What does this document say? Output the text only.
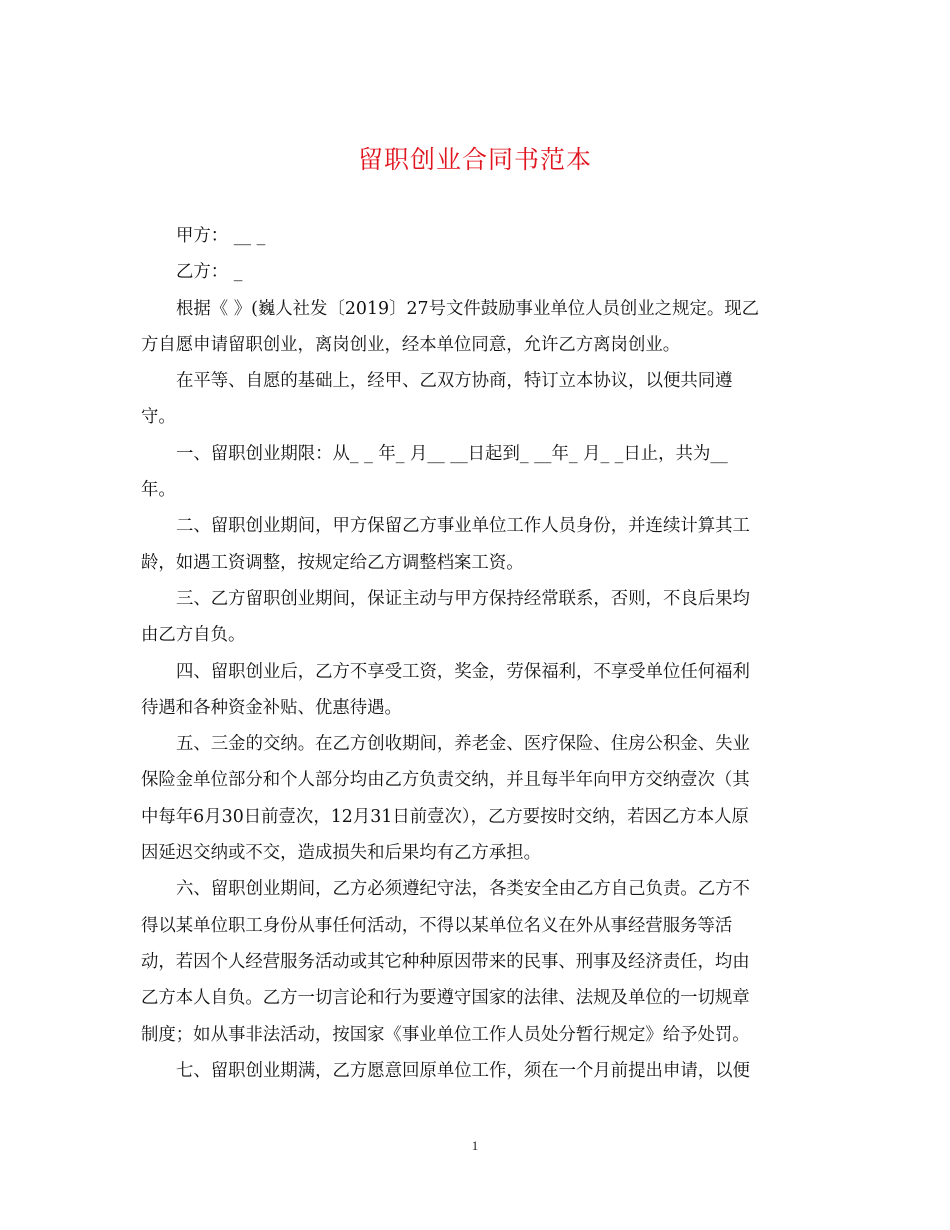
留职创业合同书范本

甲方： __ _

乙方： _

根据《 》(巍人社发〔2019〕27号文件鼓励事业单位人员创业之规定。现乙
方自愿申请留职创业，离岗创业，经本单位同意，允许乙方离岗创业。

在平等、自愿的基础上，经甲、乙双方协商，特订立本协议，以便共同遵
守。

一、留职创业期限：从_ _ 年_ 月__ __日起到_ __年_ 月_ _日止，共为__
年。

二、留职创业期间，甲方保留乙方事业单位工作人员身份，并连续计算其工
龄，如遇工资调整，按规定给乙方调整档案工资。

三、乙方留职创业期间，保证主动与甲方保持经常联系，否则，不良后果均
由乙方自负。

四、留职创业后，乙方不享受工资，奖金，劳保福利，不享受单位任何福利
待遇和各种资金补贴、优惠待遇。

五、三金的交纳。在乙方创收期间，养老金、医疗保险、住房公积金、失业
保险金单位部分和个人部分均由乙方负责交纳，并且每半年向甲方交纳壹次（其
中每年6月30日前壹次，12月31日前壹次），乙方要按时交纳，若因乙方本人原
因延迟交纳或不交，造成损失和后果均有乙方承担。

六、留职创业期间，乙方必须遵纪守法，各类安全由乙方自己负责。乙方不
得以某单位职工身份从事任何活动，不得以某单位名义在外从事经营服务等活
动，若因个人经营服务活动或其它种种原因带来的民事、刑事及经济责任，均由
乙方本人自负。乙方一切言论和行为要遵守国家的法律、法规及单位的一切规章
制度；如从事非法活动，按国家《事业单位工作人员处分暂行规定》给予处罚。

七、留职创业期满，乙方愿意回原单位工作，须在一个月前提出申请，以便

1
